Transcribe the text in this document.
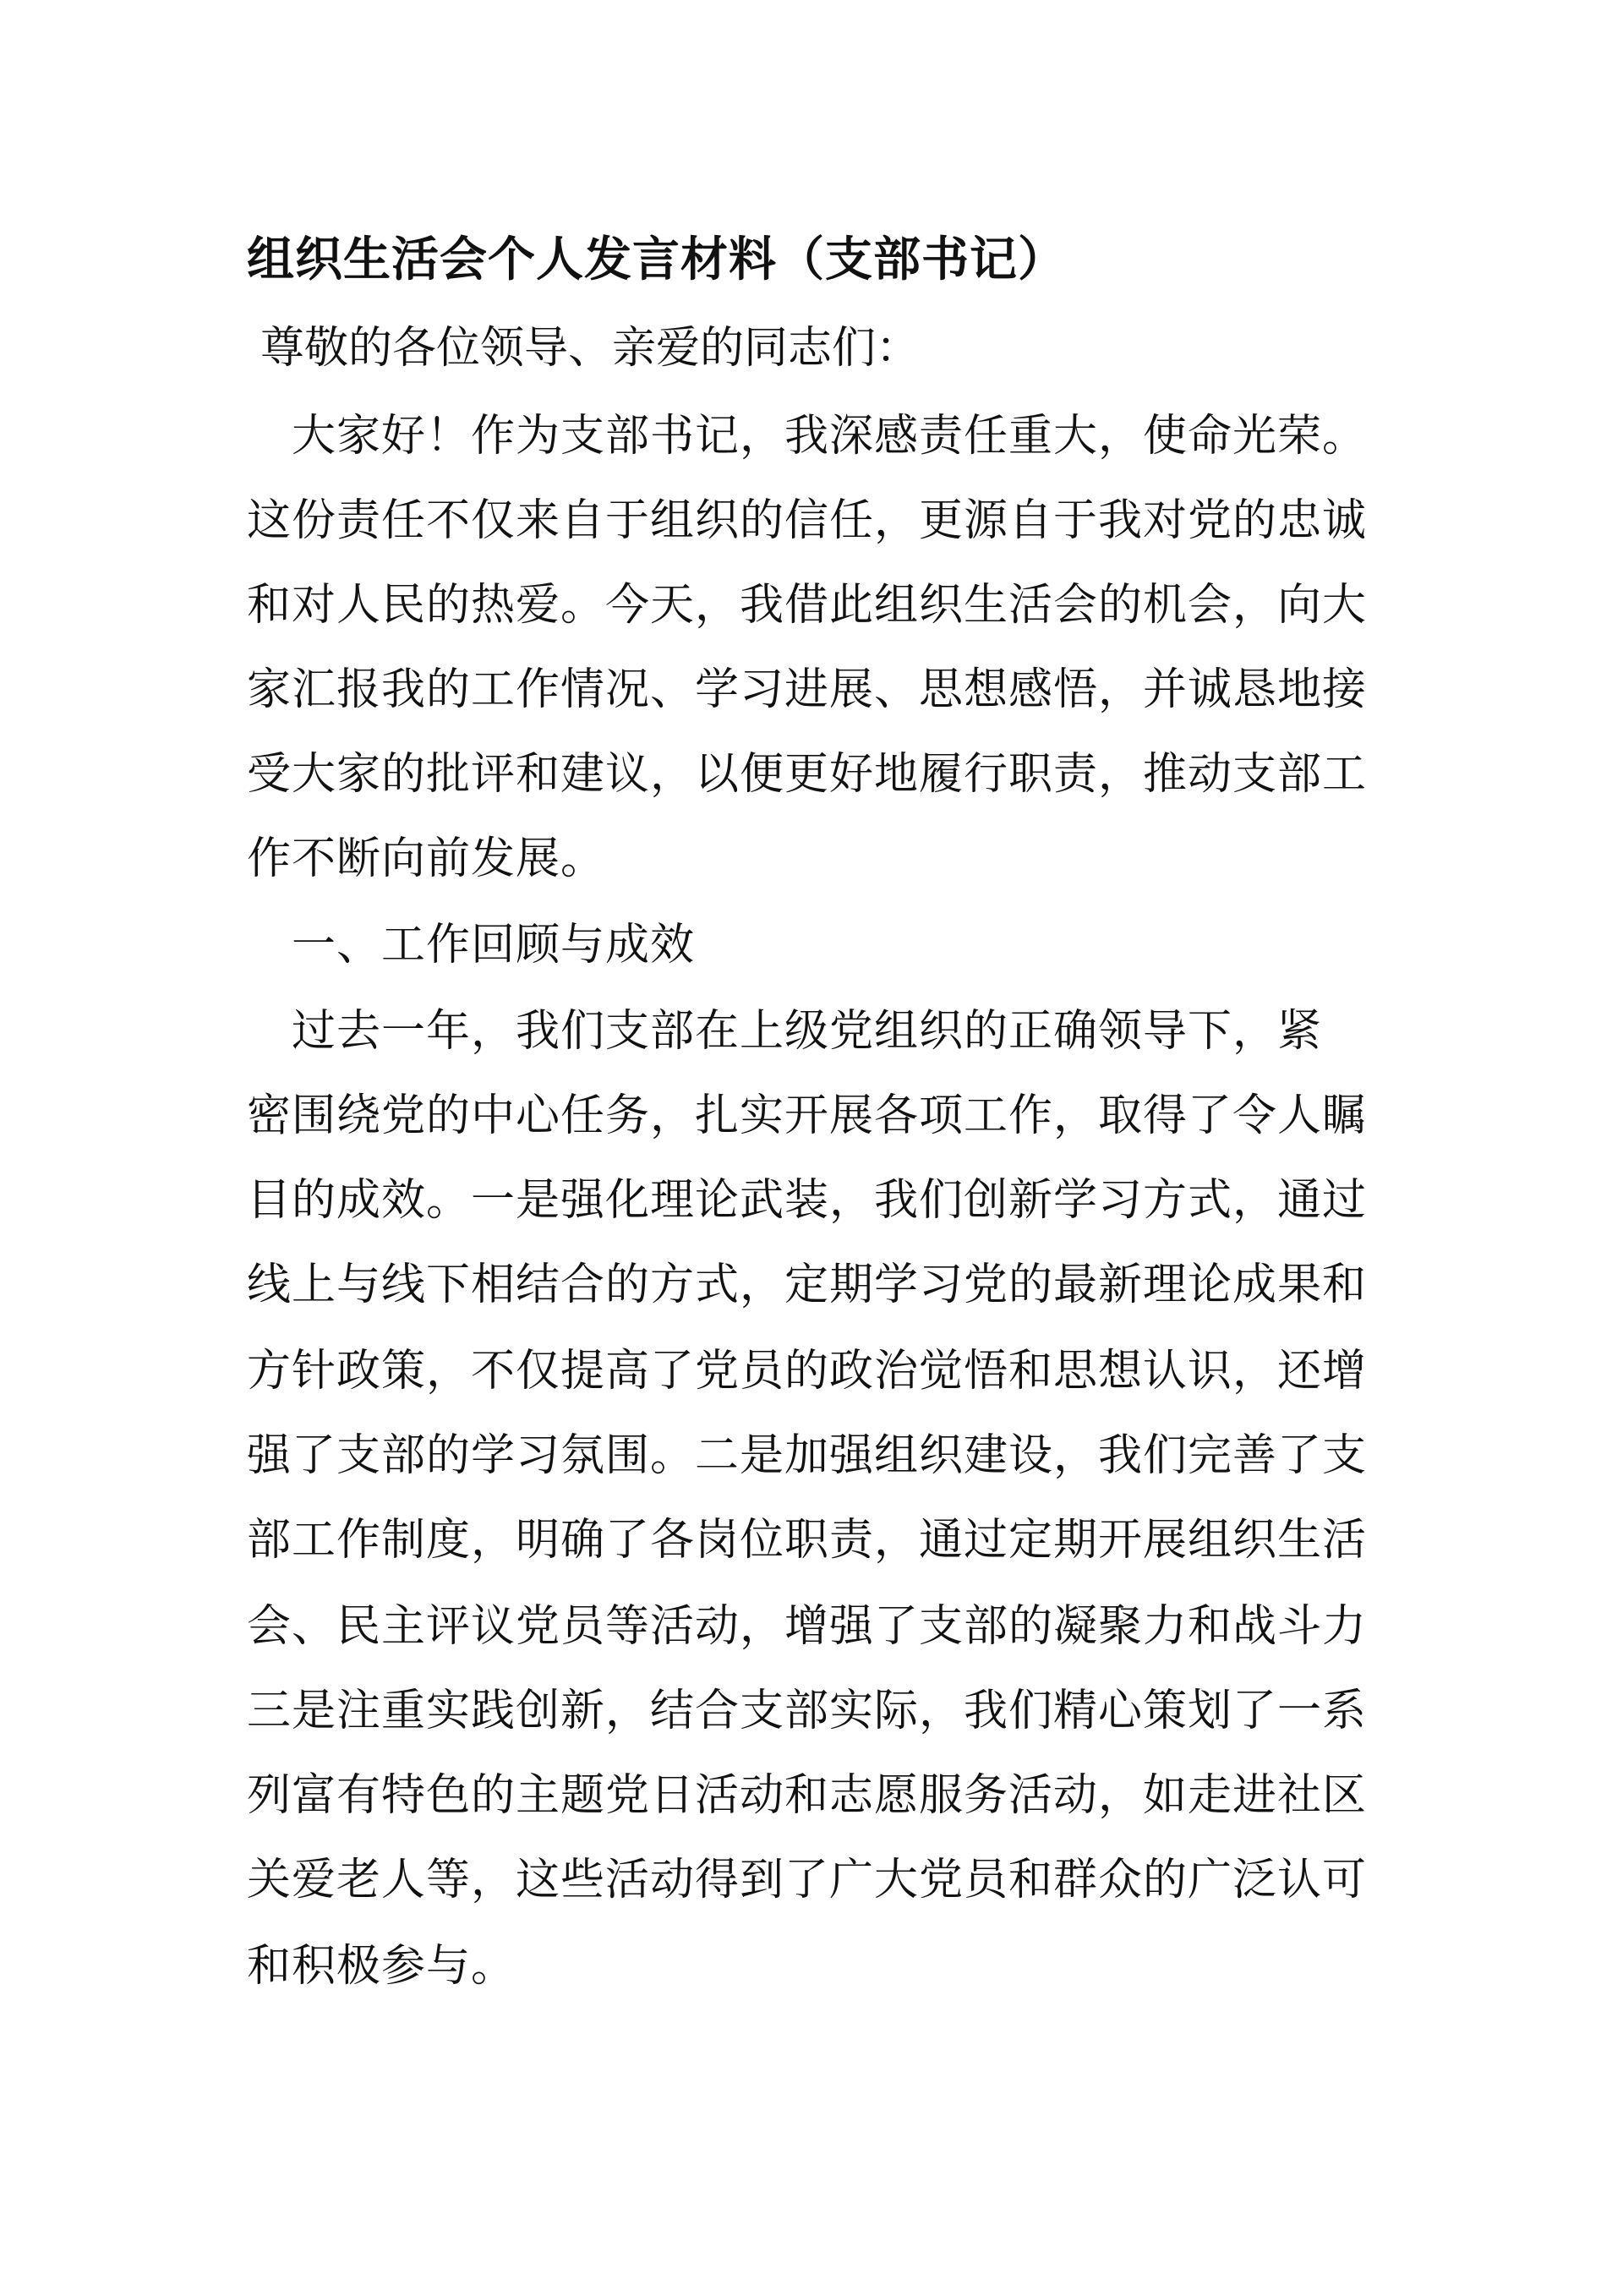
组织生活会个人发言材料（支部书记）
尊敬的各位领导、亲爱的同志们：
　大家好！作为支部书记，我深感责任重大，使命光荣。
这份责任不仅来自于组织的信任，更源自于我对党的忠诚
和对人民的热爱。今天，我借此组织生活会的机会，向大
家汇报我的工作情况、学习进展、思想感悟，并诚恳地接
受大家的批评和建议，以便更好地履行职责，推动支部工
作不断向前发展。
　一、工作回顾与成效
　过去一年，我们支部在上级党组织的正确领导下，紧
密围绕党的中心任务，扎实开展各项工作，取得了令人瞩
目的成效。一是强化理论武装，我们创新学习方式，通过
线上与线下相结合的方式，定期学习党的最新理论成果和
方针政策，不仅提高了党员的政治觉悟和思想认识，还增
强了支部的学习氛围。二是加强组织建设，我们完善了支
部工作制度，明确了各岗位职责，通过定期开展组织生活
会、民主评议党员等活动，增强了支部的凝聚力和战斗力
三是注重实践创新，结合支部实际，我们精心策划了一系
列富有特色的主题党日活动和志愿服务活动，如走进社区
关爱老人等，这些活动得到了广大党员和群众的广泛认可
和积极参与。
